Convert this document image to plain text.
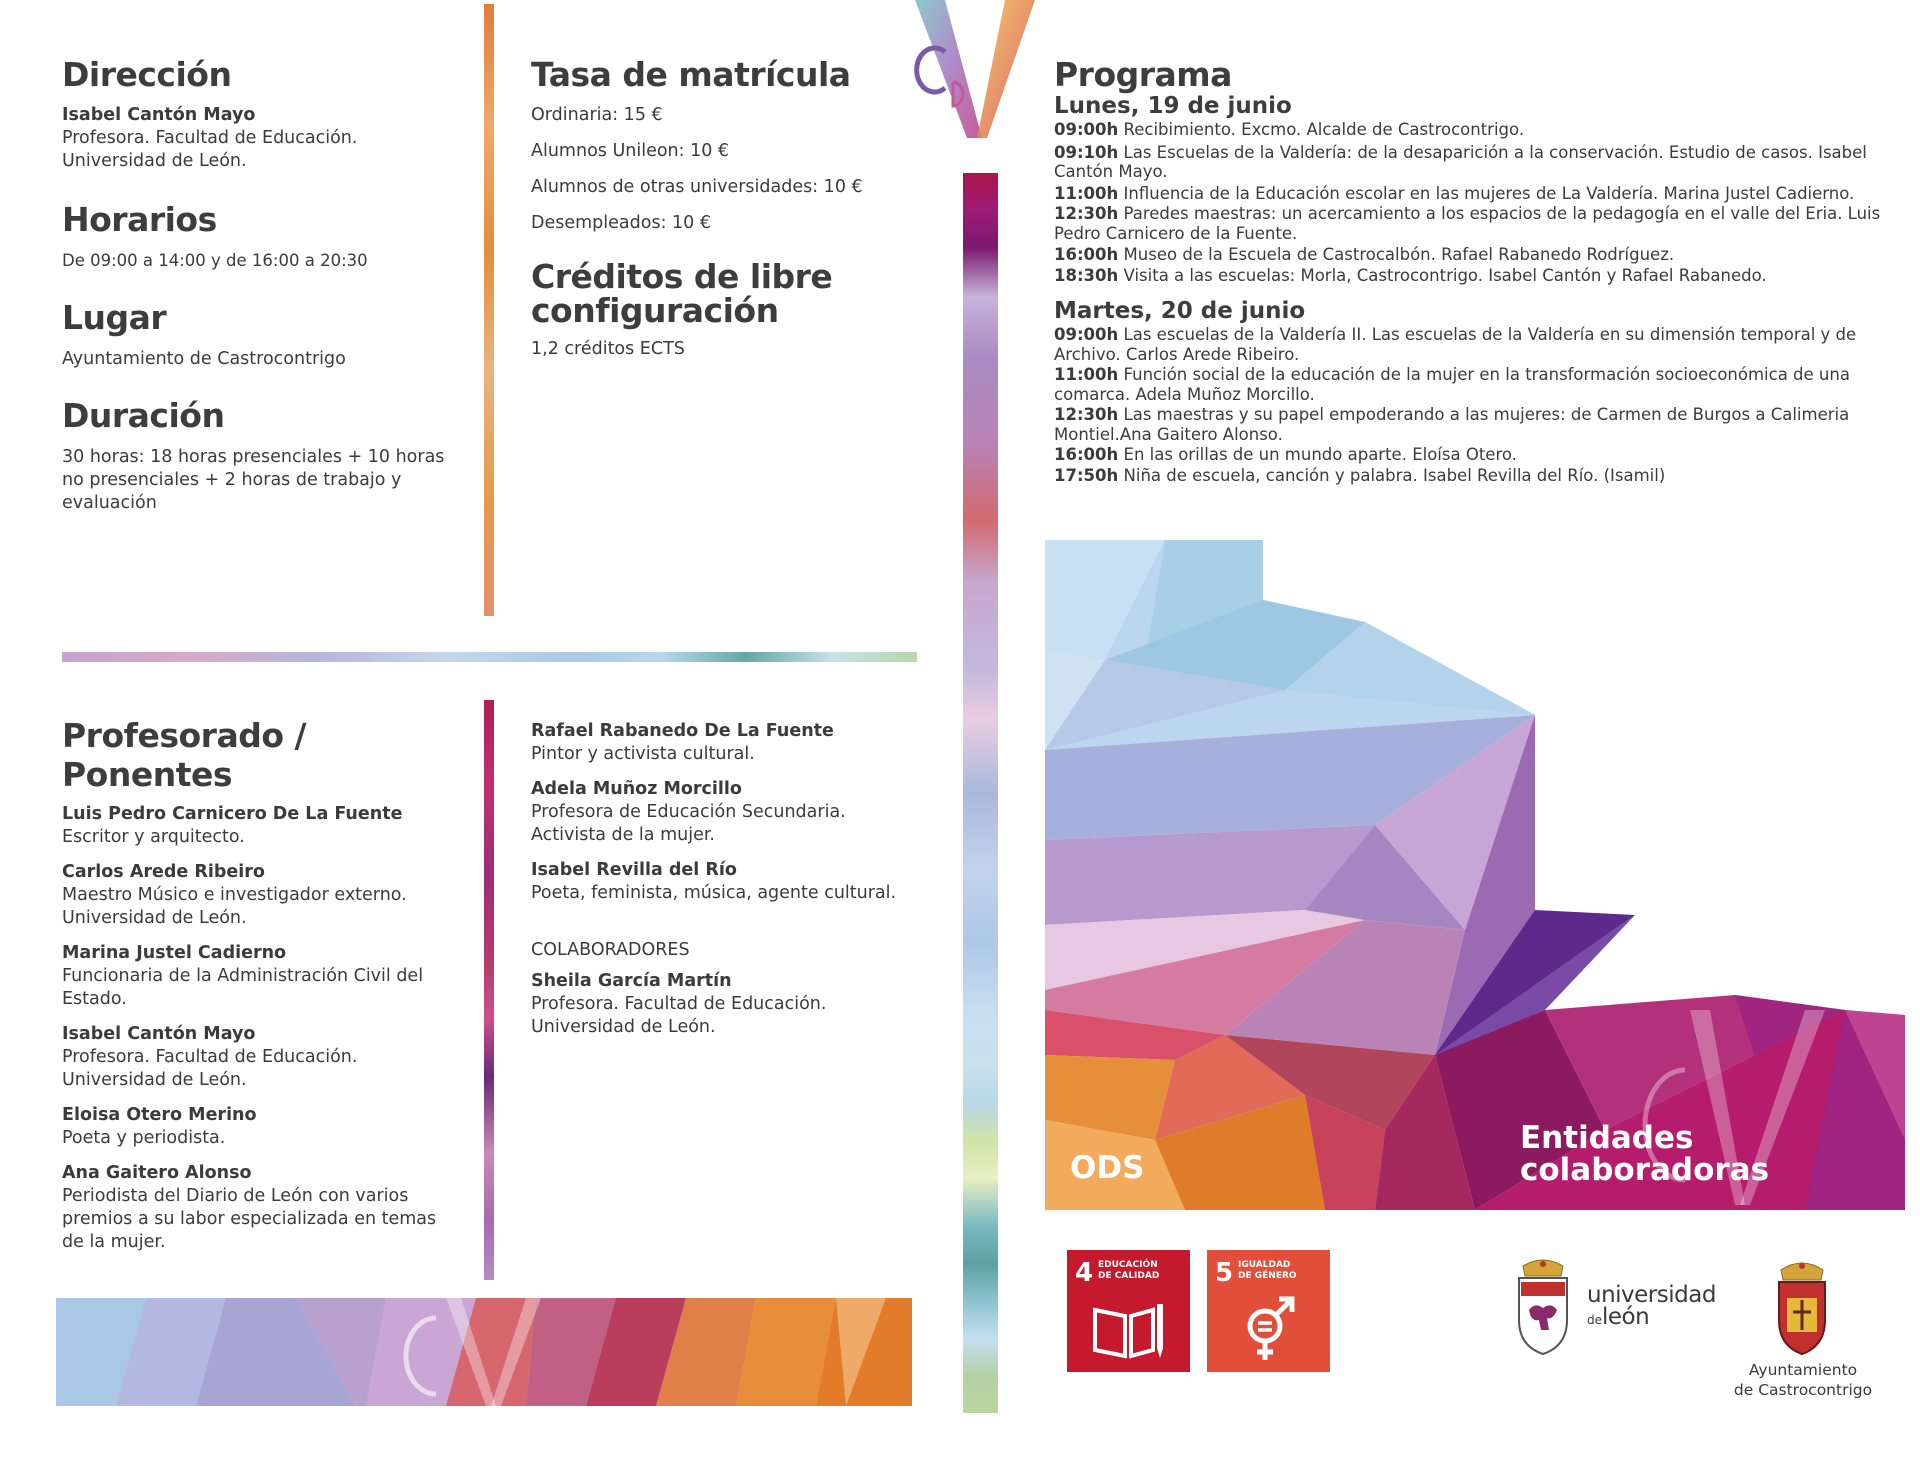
Dirección
Isabel Cantón Mayo
Profesora. Facultad de Educación.
Universidad de León.
Horarios
De 09:00 a 14:00 y de 16:00 a 20:30
Lugar
Ayuntamiento de Castrocontrigo
Duración
30 horas: 18 horas presenciales + 10 horas
no presenciales + 2 horas de trabajo y
evaluación
Tasa de matrícula
Ordinaria: 15 €
Alumnos Unileon: 10 €
Alumnos de otras universidades: 10 €
Desempleados: 10 €
Créditos de libre
configuración
1,2 créditos ECTS
Profesorado / Ponentes
Luis Pedro Carnicero De La Fuente
Escritor y arquitecto.
Carlos Arede Ribeiro
Maestro Músico e investigador externo.
Universidad de León.
Marina Justel Cadierno
Funcionaria de la Administración Civil del
Estado.
Isabel Cantón Mayo
Profesora. Facultad de Educación.
Universidad de León.
Eloisa Otero Merino
Poeta y periodista.
Ana Gaitero Alonso
Periodista del Diario de León con varios
premios a su labor especializada en temas
de la mujer.
Rafael Rabanedo De La Fuente
Pintor y activista cultural.
Adela Muñoz Morcillo
Profesora de Educación Secundaria.
Activista de la mujer.
Isabel Revilla del Río
Poeta, feminista, música, agente cultural.
COLABORADORES
Sheila García Martín
Profesora. Facultad de Educación.
Universidad de León.
Programa
Lunes, 19 de junio
09:00h Recibimiento. Excmo. Alcalde de Castrocontrigo.
09:10h Las Escuelas de la Valdería: de la desaparición a la conservación. Estudio de casos. Isabel
Cantón Mayo.
11:00h Influencia de la Educación escolar en las mujeres de La Valdería. Marina Justel Cadierno.
12:30h Paredes maestras: un acercamiento a los espacios de la pedagogía en el valle del Eria. Luis
Pedro Carnicero de la Fuente.
16:00h Museo de la Escuela de Castrocalbón. Rafael Rabanedo Rodríguez.
18:30h Visita a las escuelas: Morla, Castrocontrigo. Isabel Cantón y Rafael Rabanedo.
Martes, 20 de junio
09:00h Las escuelas de la Valdería II. Las escuelas de la Valdería en su dimensión temporal y de
Archivo. Carlos Arede Ribeiro.
11:00h Función social de la educación de la mujer en la transformación socioeconómica de una
comarca. Adela Muñoz Morcillo.
12:30h Las maestras y su papel empoderando a las mujeres: de Carmen de Burgos a Calimeria
Montiel.Ana Gaitero Alonso.
16:00h En las orillas de un mundo aparte. Eloísa Otero.
17:50h Niña de escuela, canción y palabra. Isabel Revilla del Río. (Isamil)
ODS
Entidades
colaboradoras
4 EDUCACIÓN
DE CALIDAD 5 IGUALDAD
DE GÉNERO
universidad
deleón
Ayuntamiento
de Castrocontrigo
